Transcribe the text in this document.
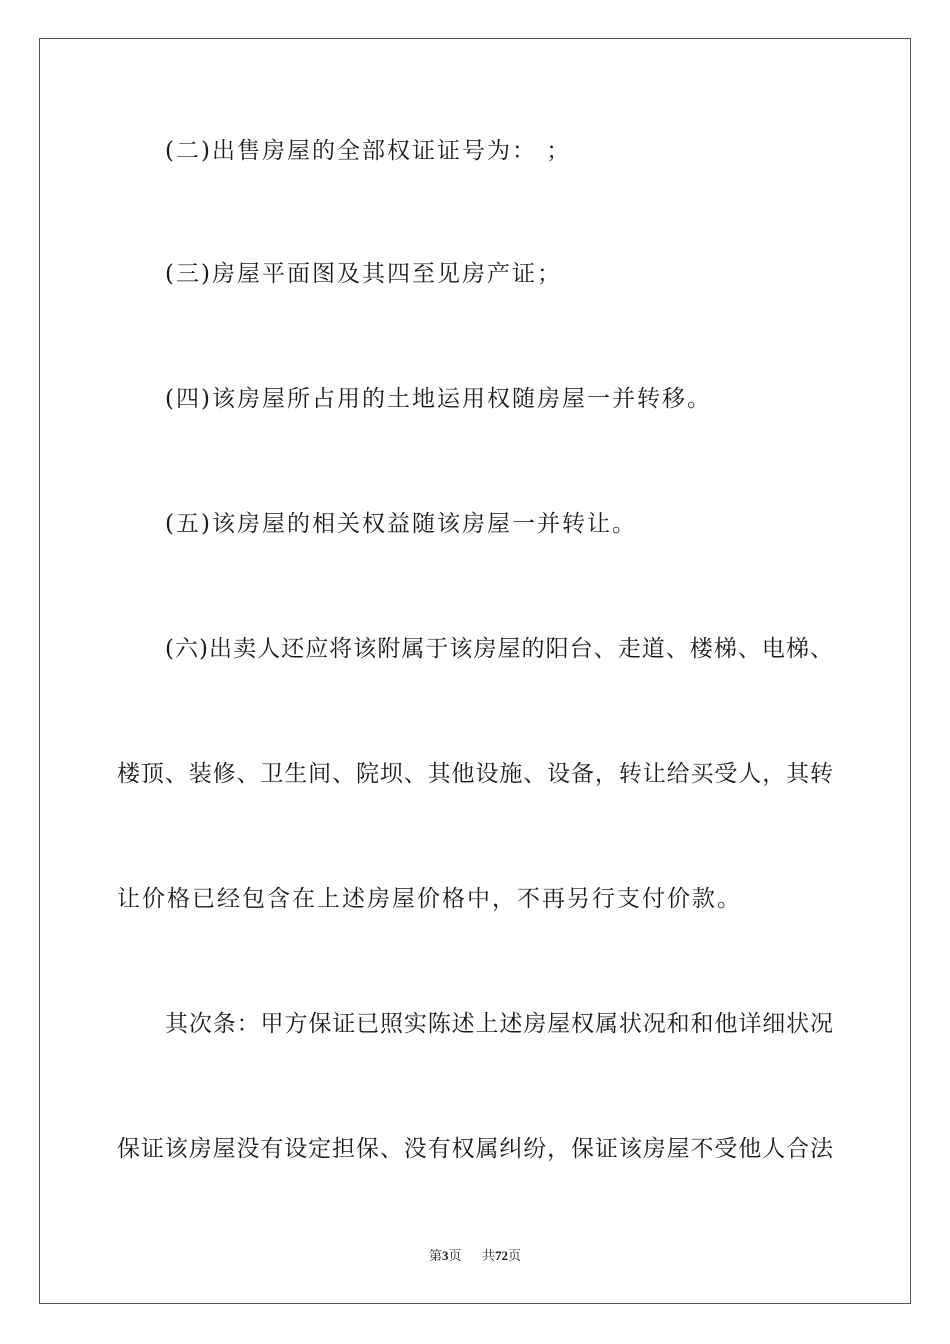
(二)出售房屋的全部权证证号为： ；
(三)房屋平面图及其四至见房产证；
(四)该房屋所占用的土地运用权随房屋一并转移。
(五)该房屋的相关权益随该房屋一并转让。
(六)出卖人还应将该附属于该房屋的阳台、走道、楼梯、电梯、
楼顶、装修、卫生间、院坝、其他设施、设备，转让给买受人，其转
让价格已经包含在上述房屋价格中，不再另行支付价款。
其次条：甲方保证已照实陈述上述房屋权属状况和和他详细状况
保证该房屋没有设定担保、没有权属纠纷，保证该房屋不受他人合法
第3页 共72页
